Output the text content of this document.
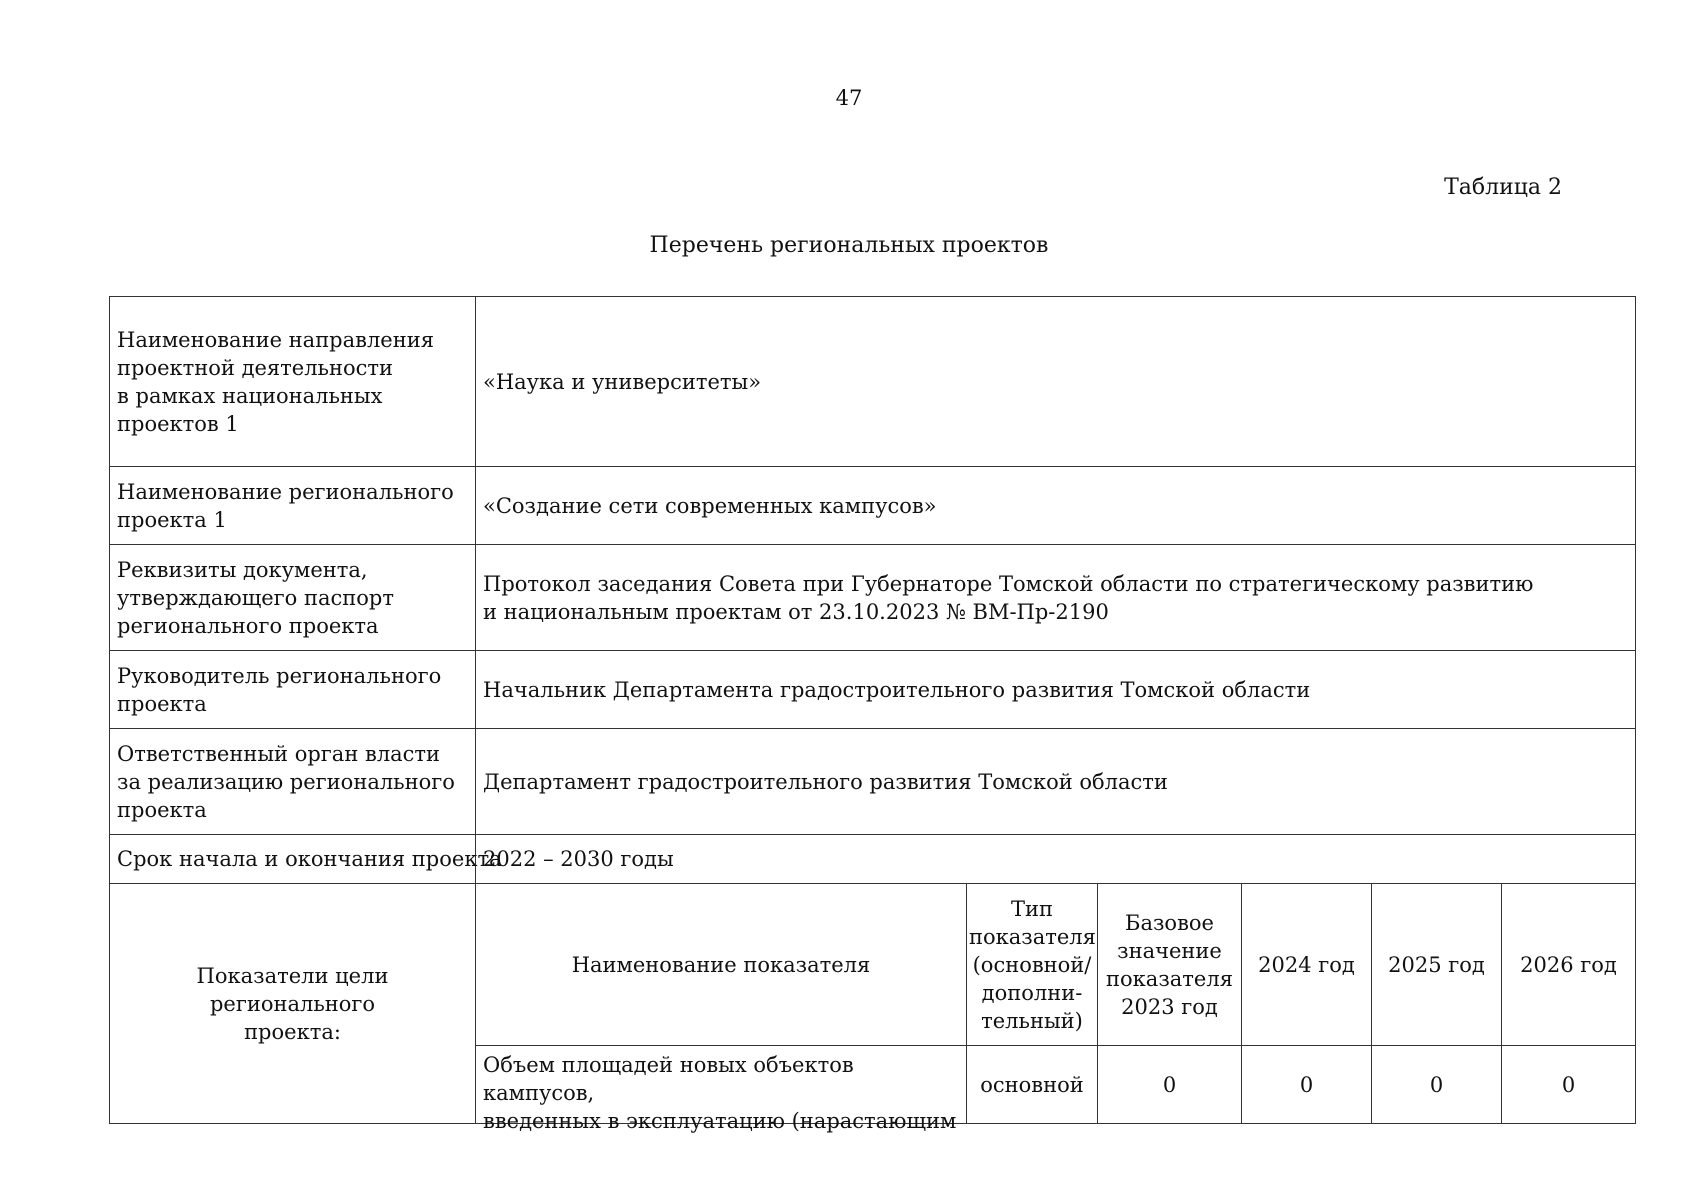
47
Таблица 2
Перечень региональных проектов
Наименование направления
проектной деятельности
в рамках национальных
проектов 1	«Наука и университеты»					
Наименование регионального
проекта 1	«Создание сети современных кампусов»					
Реквизиты документа,
утверждающего паспорт
регионального проекта	Протокол заседания Совета при Губернаторе Томской области по стратегическому развитию
и национальным проектам от 23.10.2023 № ВМ-Пр-2190					
Руководитель регионального
проекта	Начальник Департамента градостроительного развития Томской области					
Ответственный орган власти
за реализацию регионального
проекта	Департамент градостроительного развития Томской области					
Срок начала и окончания проекта	2022 – 2030 годы					
Показатели цели регионального
проекта:	Наименование показателя	Тип
показателя
(основной/
дополни-
тельный)	Базовое
значение
показателя
2023 год	2024 год	2025 год	2026 год

	Объем площадей новых объектов кампусов,
введенных в эксплуатацию (нарастающим	основной	0	0	0	0
